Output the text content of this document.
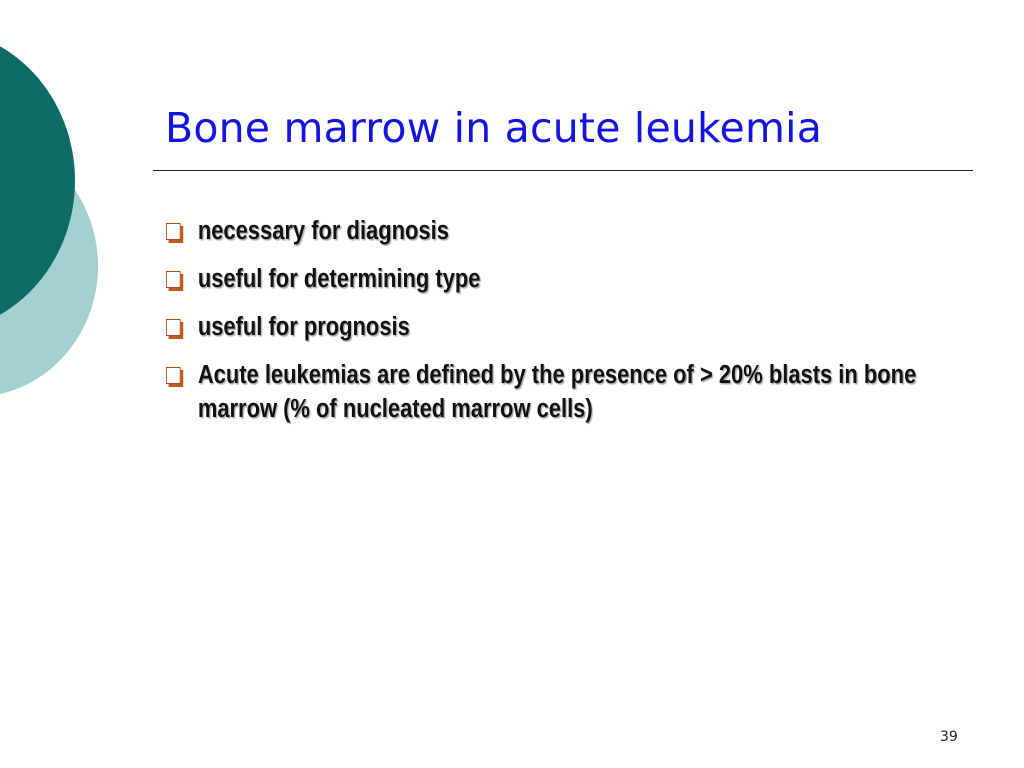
Bone marrow in acute leukemia
necessary for diagnosis
useful for determining type
useful for prognosis
Acute leukemias are defined by the presence of > 20% blasts in bone marrow (% of nucleated marrow cells)
39
